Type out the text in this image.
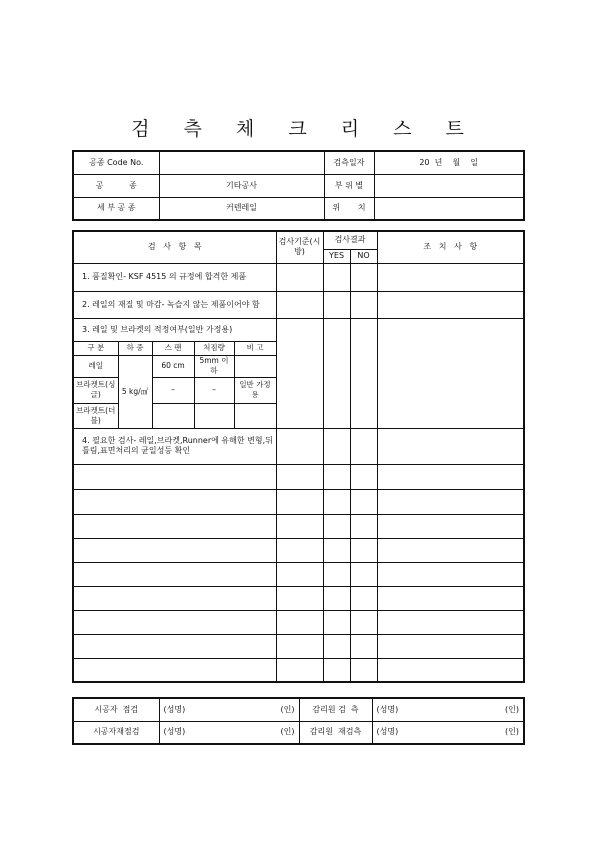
검 측 체 크 리 스 트
공종 Code No.		검측일자	20  년    월    일
공          종	기타공사	부 위 별	
세 부 공 종	커텐레일	위       치	
검   사   항   목					검사기준(시방)	검사결과		조   치   사   항
						YES	NO	
1. 품질확인- KSF 4515 의 규정에 합격한 제품								
2. 레일의 재질 및 마감- 녹슬지 않는 제품이어야 함								
3. 레일 및 브라켓의 적정여부(일반 가정용)								
구 분	하 중	스 팬	처짐량	비 고				
레일	5 kg/㎠	60 cm	5mm 이하					
브라켓트(싱글)		–	–	일반 가정용				
브라켓트(더블)								
4. 필요한 검사- 레일,브라켓,Runner에 유해한 변형,뒤틀림,표면처리의 균일성등 확인								

시공자  점검	(성명) (인)	감리원 검  측	(성명) (인)

시공자재점검	(성명) (인)	감리원  재검측	(성명) (인)
